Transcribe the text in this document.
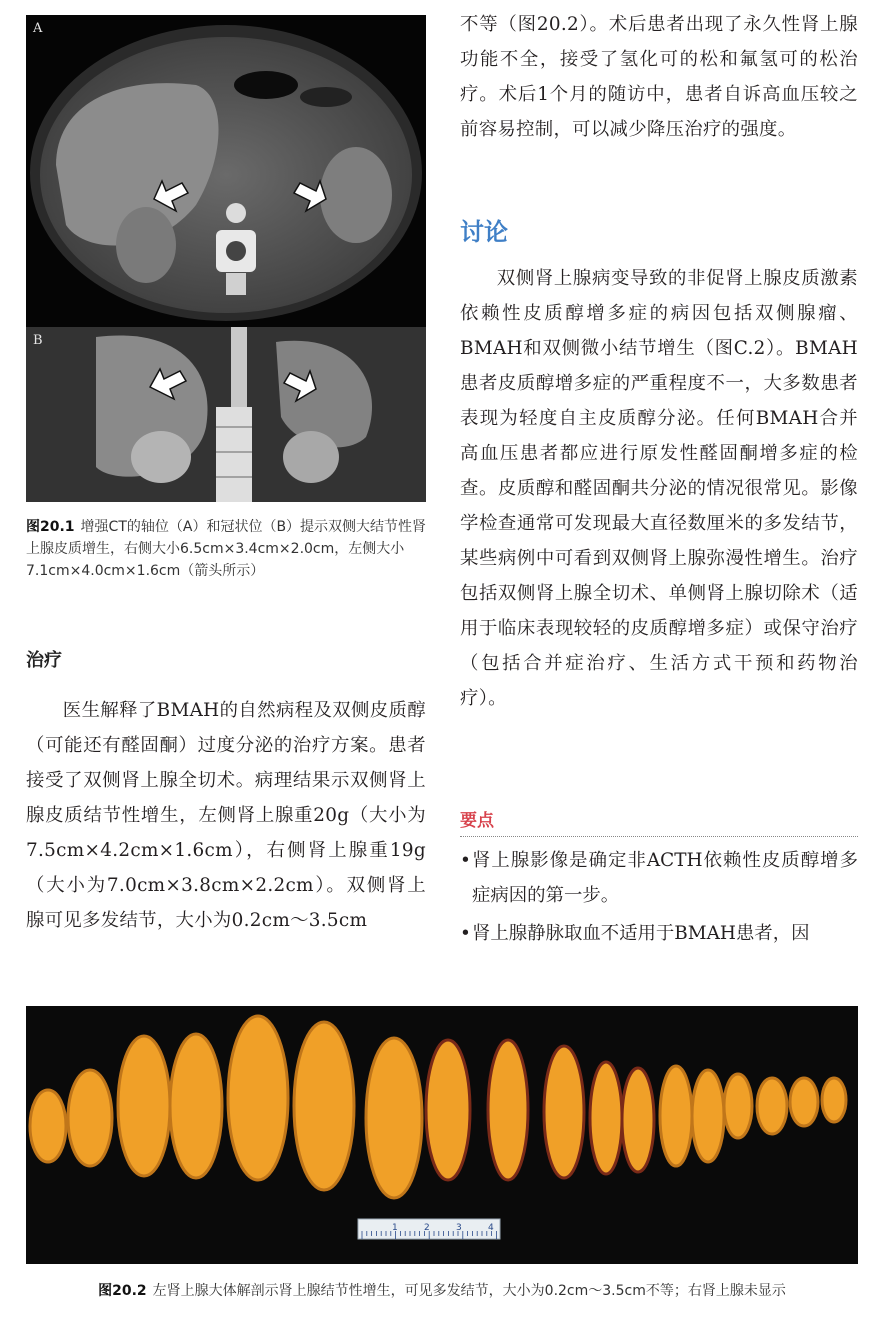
A
B
图20.1 增强CT的轴位（A）和冠状位（B）提示双侧大结节性肾上腺皮质增生，右侧大小6.5cm×3.4cm×2.0cm，左侧大小7.1cm×4.0cm×1.6cm（箭头所示）
治疗
医生解释了BMAH的自然病程及双侧皮质醇（可能还有醛固酮）过度分泌的治疗方案。患者接受了双侧肾上腺全切术。病理结果示双侧肾上腺皮质结节性增生，左侧肾上腺重20g（大小为7.5cm×4.2cm×1.6cm），右侧肾上腺重19g（大小为7.0cm×3.8cm×2.2cm）。双侧肾上腺可见多发结节，大小为0.2cm～3.5cm
不等（图20.2）。术后患者出现了永久性肾上腺功能不全，接受了氢化可的松和氟氢可的松治疗。术后1个月的随访中，患者自诉高血压较之前容易控制，可以减少降压治疗的强度。
讨论
双侧肾上腺病变导致的非促肾上腺皮质激素依赖性皮质醇增多症的病因包括双侧腺瘤、BMAH和双侧微小结节增生（图C.2）。BMAH患者皮质醇增多症的严重程度不一，大多数患者表现为轻度自主皮质醇分泌。任何BMAH合并高血压患者都应进行原发性醛固酮增多症的检查。皮质醇和醛固酮共分泌的情况很常见。影像学检查通常可发现最大直径数厘米的多发结节，某些病例中可看到双侧肾上腺弥漫性增生。治疗包括双侧肾上腺全切术、单侧肾上腺切除术（适用于临床表现较轻的皮质醇增多症）或保守治疗（包括合并症治疗、生活方式干预和药物治疗）。
要点
• 肾上腺影像是确定非ACTH依赖性皮质醇增多症病因的第一步。
• 肾上腺静脉取血不适用于BMAH患者，因
1	2	3	4
图20.2 左肾上腺大体解剖示肾上腺结节性增生，可见多发结节，大小为0.2cm～3.5cm不等；右肾上腺未显示
